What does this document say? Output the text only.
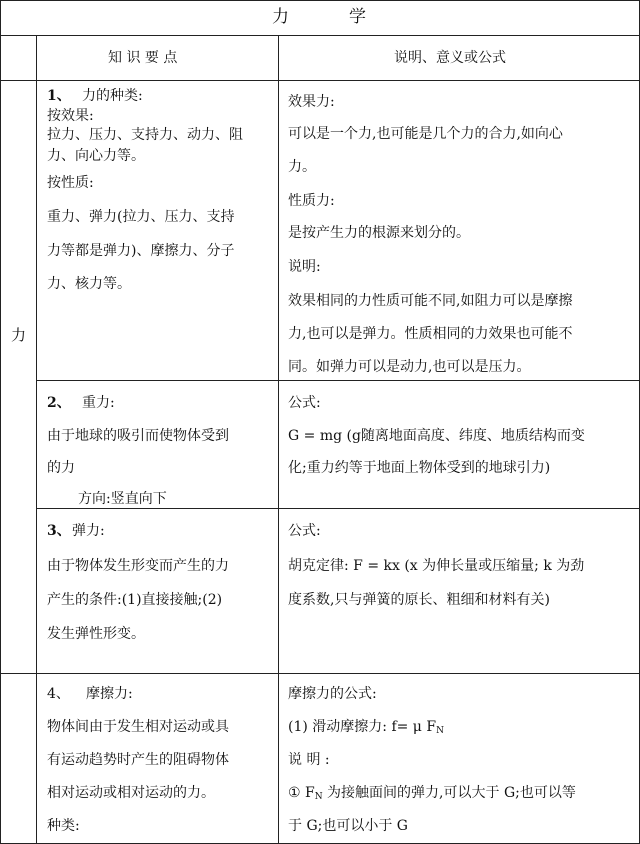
力	学
知 识 要 点	说明、意义或公式
力
1、 力的种类:
按效果:
拉力、压力、支持力、动力、阻
力、向心力等。
按性质:
重力、弹力(拉力、压力、支持
力等都是弹力)、摩擦力、分子
力、核力等。
效果力:
可以是一个力,也可能是几个力的合力,如向心
力。
性质力:
是按产生力的根源来划分的。
说明:
效果相同的力性质可能不同,如阻力可以是摩擦
力,也可以是弹力。性质相同的力效果也可能不
同。如弹力可以是动力,也可以是压力。
2、 重力:
由于地球的吸引而使物体受到
的力
方向:竖直向下
公式:
G = mg (g随离地面高度、纬度、地质结构而变
化;重力约等于地面上物体受到的地球引力)
3、 弹力:
由于物体发生形变而产生的力
产生的条件:(1)直接接触;(2)
发生弹性形变。
公式:
胡克定律: F = kx (x 为伸长量或压缩量; k 为劲
度系数,只与弹簧的原长、粗细和材料有关)
4、 摩擦力:
物体间由于发生相对运动或具
有运动趋势时产生的阻碍物体
相对运动或相对运动的力。
种类:
摩擦力的公式:
(1) 滑动摩擦力: f= μ $F_N$
说 明 :
① $F_N$ 为接触面间的弹力,可以大于 G;也可以等
于 G;也可以小于 G
